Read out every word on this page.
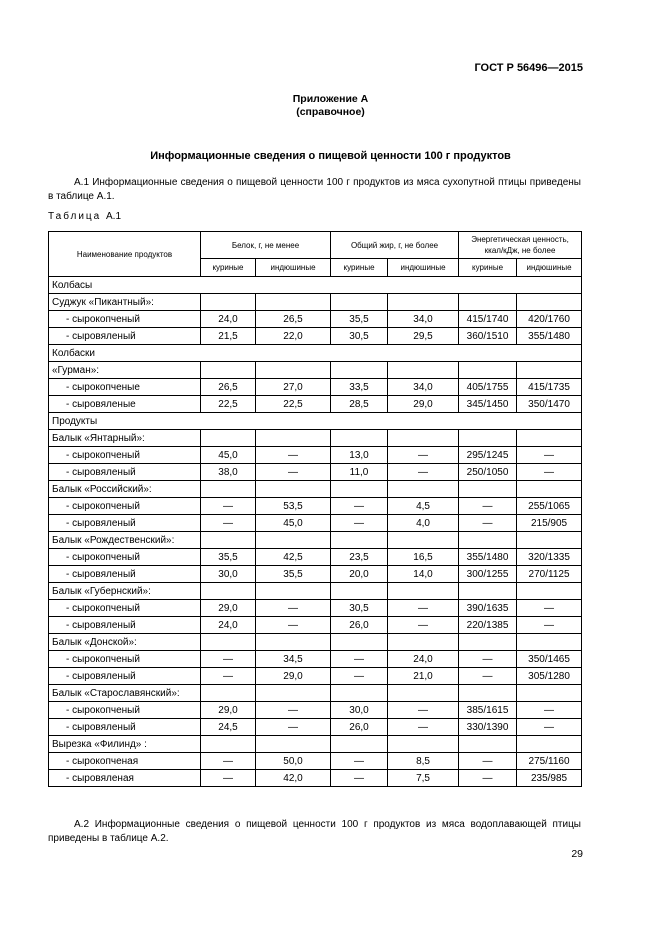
ГОСТ Р 56496—2015
Приложение А
(справочное)
Информационные сведения о пищевой ценности 100 г продуктов
А.1 Информационные сведения о пищевой ценности 100 г продуктов из мяса сухопутной птицы приведены в таблице А.1.
Таблица А.1
Наименование продуктов	Белок, г, не менее		Общий жир, г, не более		Энергетическая ценность, ккал/кДж, не более	
	куриные	индюшиные	куриные	индюшиные	куриные	индюшиные
Колбасы						
Суджук «Пикантный»:						
- сырокопченый	24,0	26,5	35,5	34,0	415/1740	420/1760
- сыровяленый	21,5	22,0	30,5	29,5	360/1510	355/1480
Колбаски						
«Гурман»:						
- сырокопченые	26,5	27,0	33,5	34,0	405/1755	415/1735
- сыровяленые	22,5	22,5	28,5	29,0	345/1450	350/1470
Продукты						
Балык «Янтарный»:						
- сырокопченый	45,0	—	13,0	—	295/1245	—
- сыровяленый	38,0	—	11,0	—	250/1050	—
Балык «Российский»:						
- сырокопченый	—	53,5	—	4,5	—	255/1065
- сыровяленый	—	45,0	—	4,0	—	215/905
Балык «Рождественский»:						
- сырокопченый	35,5	42,5	23,5	16,5	355/1480	320/1335
- сыровяленый	30,0	35,5	20,0	14,0	300/1255	270/1125
Балык «Губернский»:						
- сырокопченый	29,0	—	30,5	—	390/1635	—
- сыровяленый	24,0	—	26,0	—	220/1385	—
Балык «Донской»:						
- сырокопченый	—	34,5	—	24,0	—	350/1465
- сыровяленый	—	29,0	—	21,0	—	305/1280
Балык «Старославянский»:						
- сырокопченый	29,0	—	30,0	—	385/1615	—
- сыровяленый	24,5	—	26,0	—	330/1390	—
Вырезка «Филинд» :						
- сырокопченая	—	50,0	—	8,5	—	275/1160
- сыровяленая	—	42,0	—	7,5	—	235/985
А.2 Информационные сведения о пищевой ценности 100 г продуктов из мяса водоплавающей птицы приведены в таблице А.2.
29
